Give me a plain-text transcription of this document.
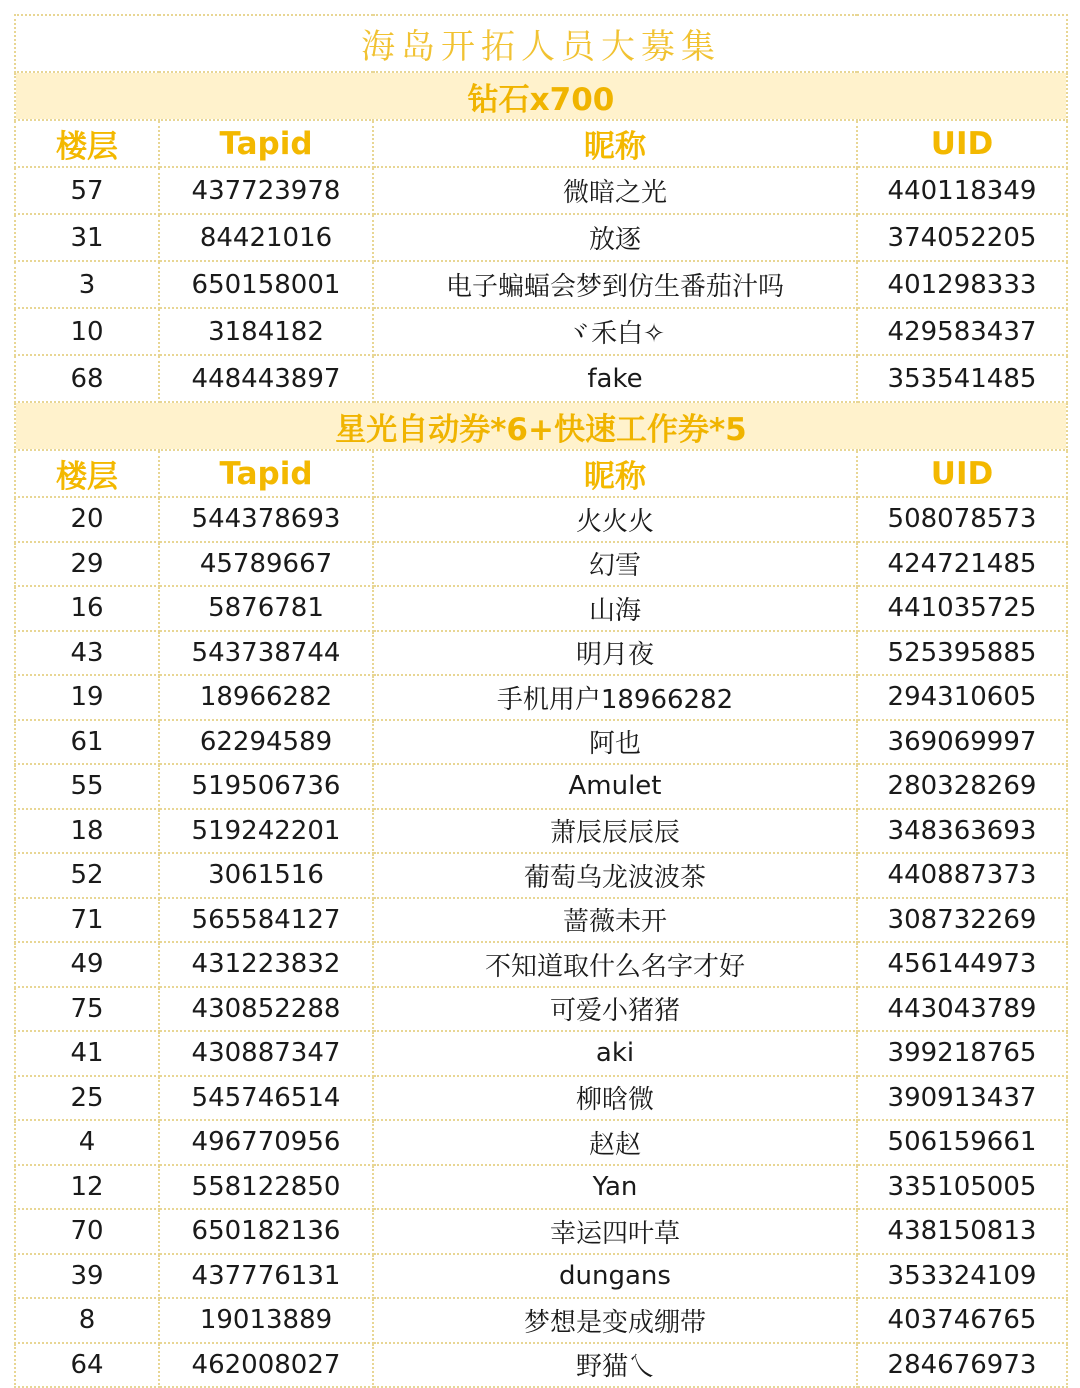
海岛开拓人员大募集			
钻石x700			
楼层	Tapid	昵称	UID
57	437723978	微暗之光	440118349
31	84421016	放逐	374052205
3	650158001	电子蝙蝠会梦到仿生番茄汁吗	401298333
10	3184182	ヾ禾白✧	429583437
68	448443897	fake	353541485
星光自动券*6+快速工作券*5			
楼层	Tapid	昵称	UID
20	544378693	火火火	508078573
29	45789667	幻雪	424721485
16	5876781	山海	441035725
43	543738744	明月夜	525395885
19	18966282	手机用户18966282	294310605
61	62294589	阿也	369069997
55	519506736	Amulet	280328269
18	519242201	萧辰辰辰辰	348363693
52	3061516	葡萄乌龙波波茶	440887373
71	565584127	蔷薇未开	308732269
49	431223832	不知道取什么名字才好	456144973
75	430852288	可爱小猪猪	443043789
41	430887347	aki	399218765
25	545746514	柳晗微	390913437
4	496770956	赵赵	506159661
12	558122850	Yan	335105005
70	650182136	幸运四叶草	438150813
39	437776131	dungans	353324109
8	19013889	梦想是变成绷带	403746765
64	462008027	野猫乀	284676973
